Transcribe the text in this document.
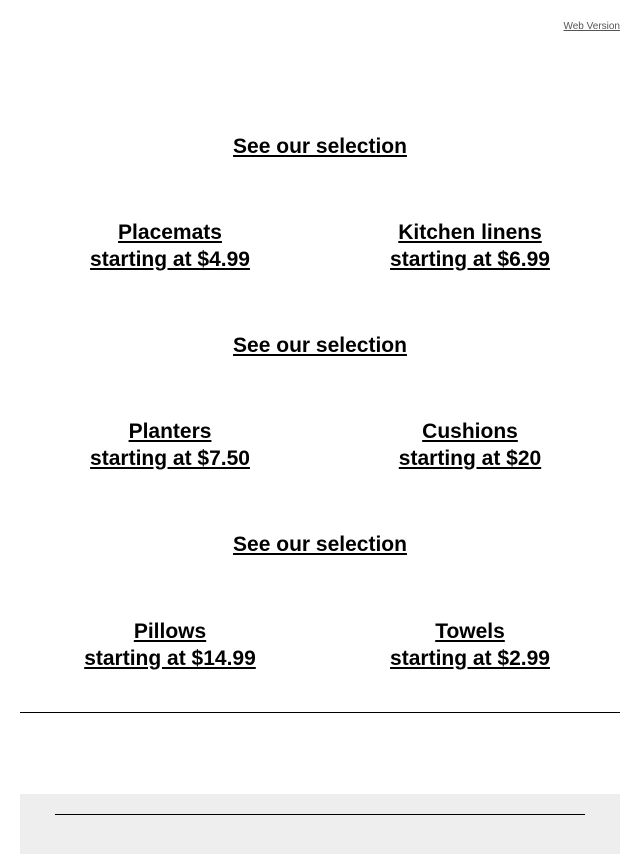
Web Version
See our selection
Placemats
starting at $4.99
Kitchen linens
starting at $6.99
See our selection
Planters
starting at $7.50
Cushions
starting at $20
See our selection
Pillows
starting at $14.99
Towels
starting at $2.99
